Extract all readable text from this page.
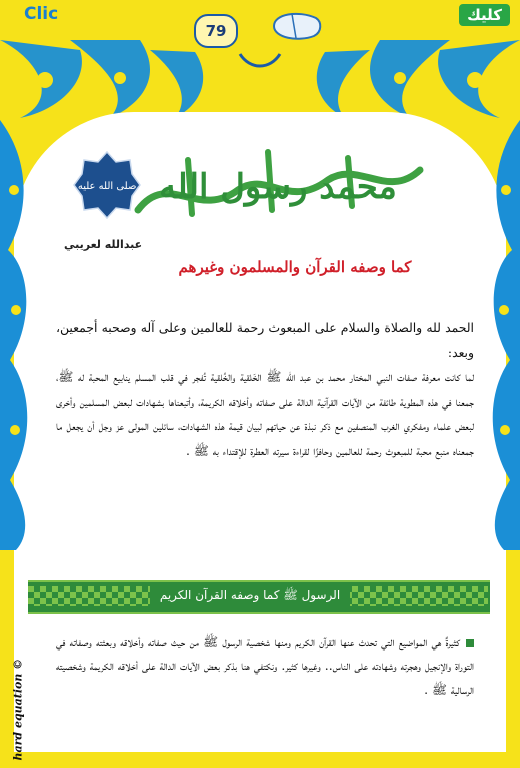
Clic	كليك
79
محمد صلى الله عليه وسلم
محمد رسول الله
عبدالله لعريبي
كما وصفه القرآن والمسلمون وغيرهم

الحمد لله والصلاة والسلام على المبعوث رحمة للعالمين وعلى آله وصحبه أجمعين، وبعد:

لما كانت معرفة صفات النبي المختار محمد بن عبد الله ﷺ الخَلقية والخُلقية تُفجر في قلب المسلم ينابيع المحبة له ﷺ، جمعنا في هذه المطوية طائفة من الآيات القرآنية الدالة على صفاته وأخلاقه الكريمة، وأتبعناها بشهادات لبعض المسلمين وأخرى لبعض علماء ومفكري الغرب المنصفين مع ذكر نبذة عن حياتهم لبيان قيمة هذه الشهادات، سائلين المولى عز وجل أن يجعل ما جمعناه منبع محبة للمبعوث رحمة للعالمين وحافزًا لقراءة سيرته العطرة للإقتداء به ﷺ .

الرسول ﷺ كما وصفه القرآن الكريم

كثيرةٌ هي المواضيع التي تحدث عنها القرآن الكريم ومنها شخصية الرسول ﷺ من حيث صفاته وأخلاقه وبعثته وصفاته في التوراة والإنجيل وهجرته وشهادته على الناس.. وغيرها كثير. ونكتفي هنا بذكر بعض الآيات الدالة على أخلاقه الكريمة وشخصيته الرسالية ﷺ .

hard equation ©
